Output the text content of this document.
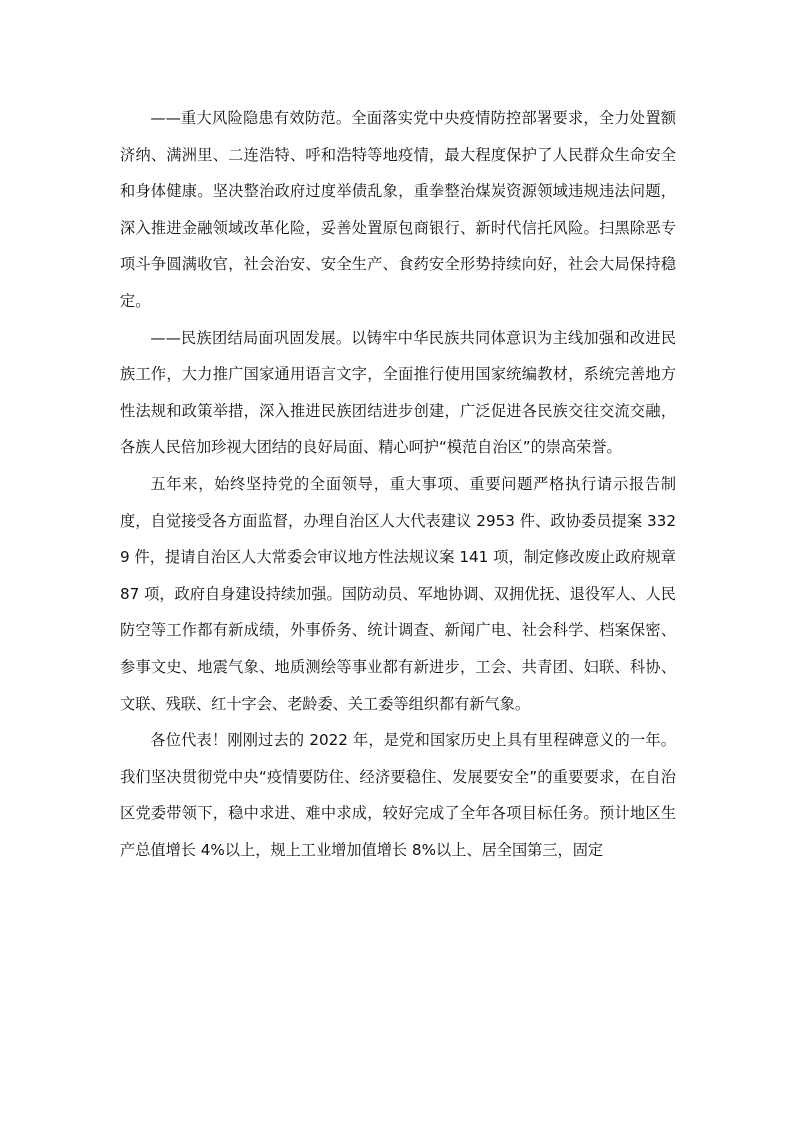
——重大风险隐患有效防范。全面落实党中央疫情防控部署要求，全力处置额济纳、满洲里、二连浩特、呼和浩特等地疫情，最大程度保护了人民群众生命安全和身体健康。坚决整治政府过度举债乱象，重拳整治煤炭资源领域违规违法问题，深入推进金融领域改革化险，妥善处置原包商银行、新时代信托风险。扫黑除恶专项斗争圆满收官，社会治安、安全生产、食药安全形势持续向好，社会大局保持稳定。

——民族团结局面巩固发展。以铸牢中华民族共同体意识为主线加强和改进民族工作，大力推广国家通用语言文字，全面推行使用国家统编教材，系统完善地方性法规和政策举措，深入推进民族团结进步创建，广泛促进各民族交往交流交融，各族人民倍加珍视大团结的良好局面、精心呵护“模范自治区”的崇高荣誉。

五年来，始终坚持党的全面领导，重大事项、重要问题严格执行请示报告制度，自觉接受各方面监督，办理自治区人大代表建议 2953 件、政协委员提案 3329 件，提请自治区人大常委会审议地方性法规议案 141 项，制定修改废止政府规章 87 项，政府自身建设持续加强。国防动员、军地协调、双拥优抚、退役军人、人民防空等工作都有新成绩，外事侨务、统计调查、新闻广电、社会科学、档案保密、参事文史、地震气象、地质测绘等事业都有新进步，工会、共青团、妇联、科协、文联、残联、红十字会、老龄委、关工委等组织都有新气象。

各位代表！刚刚过去的 2022 年，是党和国家历史上具有里程碑意义的一年。我们坚决贯彻党中央“疫情要防住、经济要稳住、发展要安全”的重要要求，在自治区党委带领下，稳中求进、难中求成，较好完成了全年各项目标任务。预计地区生产总值增长 4%以上，规上工业增加值增长 8%以上、居全国第三，固定
